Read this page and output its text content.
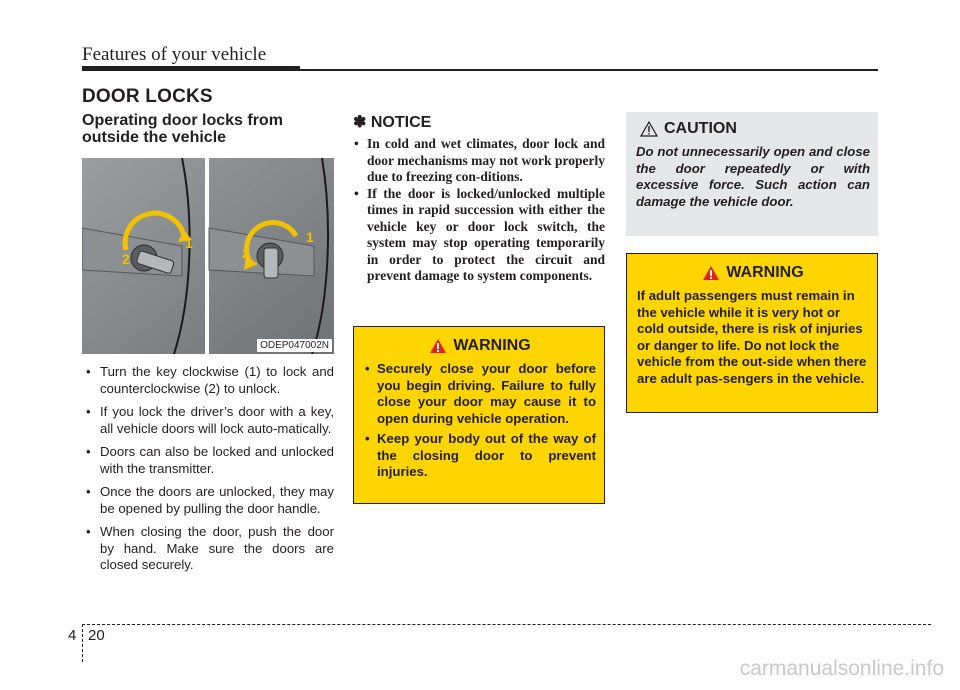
Features of your vehicle
DOOR LOCKS
Operating door locks from outside the vehicle
2
1
2
1
ODEP047002N
• Turn the key clockwise (1) to lock and counterclockwise (2) to unlock.
• If you lock the driver’s door with a key, all vehicle doors will lock auto-matically.
• Doors can also be locked and unlocked with the transmitter.
• Once the doors are unlocked, they may be opened by pulling the door handle.
• When closing the door, push the door by hand. Make sure the doors are closed securely.
✽ NOTICE
• In cold and wet climates, door lock and door mechanisms may not work properly due to freezing con-ditions.
• If the door is locked/unlocked multiple times in rapid succession with either the vehicle key or door lock switch, the system may stop operating temporarily in order to protect the circuit and prevent damage to system components.
WARNING
• Securely close your door before you begin driving. Failure to fully close your door may cause it to open during vehicle operation.
• Keep your body out of the way of the closing door to prevent injuries.
CAUTION

Do not unnecessarily open and close the door repeatedly or with excessive force. Such action can damage the vehicle door.

WARNING

If adult passengers must remain in the vehicle while it is very hot or cold outside, there is risk of injuries or danger to life. Do not lock the vehicle from the out-side when there are adult pas-sengers in the vehicle.

4 20
carmanualsonline.info
